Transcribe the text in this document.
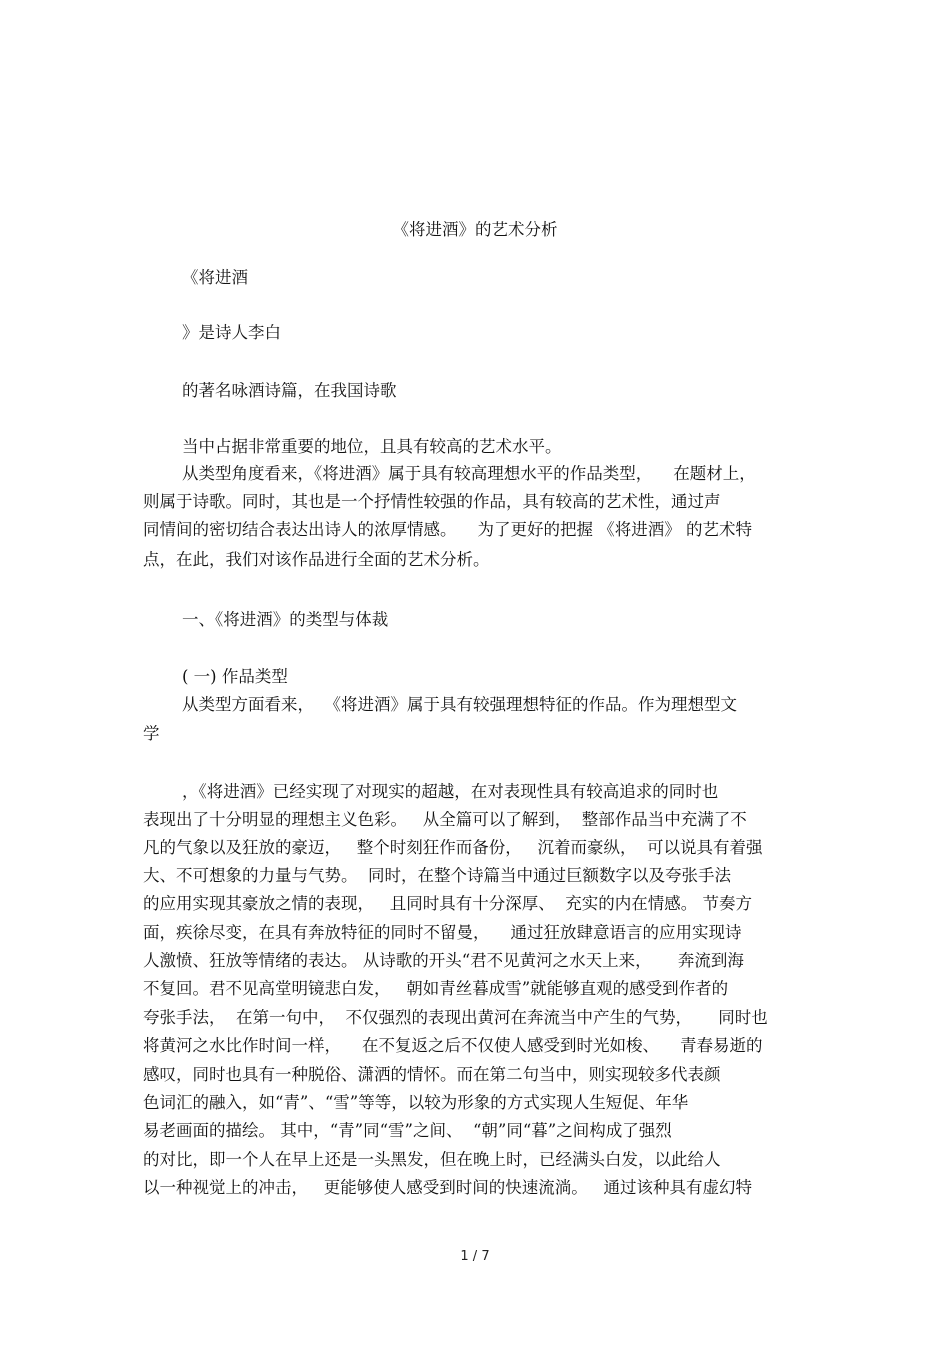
《将进酒》的艺术分析
《将进酒
》是诗人李白
的著名咏酒诗篇，在我国诗歌
当中占据非常重要的地位，且具有较高的艺术水平。
从类型角度看来，《将进酒》属于具有较高理想水平的作品类型，    在题材上，
则属于诗歌。同时，其也是一个抒情性较强的作品，具有较高的艺术性，通过声
同情间的密切结合表达出诗人的浓厚情感。    为了更好的把握 《将进酒》 的艺术特
点，在此，我们对该作品进行全面的艺术分析。
一、《将进酒》的类型与体裁
( 一) 作品类型
从类型方面看来，  《将进酒》属于具有较强理想特征的作品。作为理想型文
学
，《将进酒》已经实现了对现实的超越，在对表现性具有较高追求的同时也
表现出了十分明显的理想主义色彩。   从全篇可以了解到，  整部作品当中充满了不
凡的气象以及狂放的豪迈，   整个时刻狂作而备份，   沉着而豪纵，  可以说具有着强
大、不可想象的力量与气势。  同时，在整个诗篇当中通过巨额数字以及夸张手法
的应用实现其豪放之情的表现，   且同时具有十分深厚、  充实的内在情感。 节奏方
面，疾徐尽变，在具有奔放特征的同时不留曼，    通过狂放肆意语言的应用实现诗
人激愤、狂放等情绪的表达。 从诗歌的开头“君不见黄河之水天上来，     奔流到海
不复回。君不见高堂明镜悲白发，   朝如青丝暮成雪”就能够直观的感受到作者的
夸张手法，  在第一句中，  不仅强烈的表现出黄河在奔流当中产生的气势，     同时也
将黄河之水比作时间一样，    在不复返之后不仅使人感受到时光如梭、    青春易逝的
感叹，同时也具有一种脱俗、潇洒的情怀。而在第二句当中，则实现较多代表颜
色词汇的融入，如“青”、“雪”等等，以较为形象的方式实现人生短促、年华
易老画面的描绘。 其中，“青”同“雪”之间、  “朝”同“暮”之间构成了强烈
的对比，即一个人在早上还是一头黑发，但在晚上时，已经满头白发，以此给人
以一种视觉上的冲击，   更能够使人感受到时间的快速流淌。   通过该种具有虚幻特
1 / 7
